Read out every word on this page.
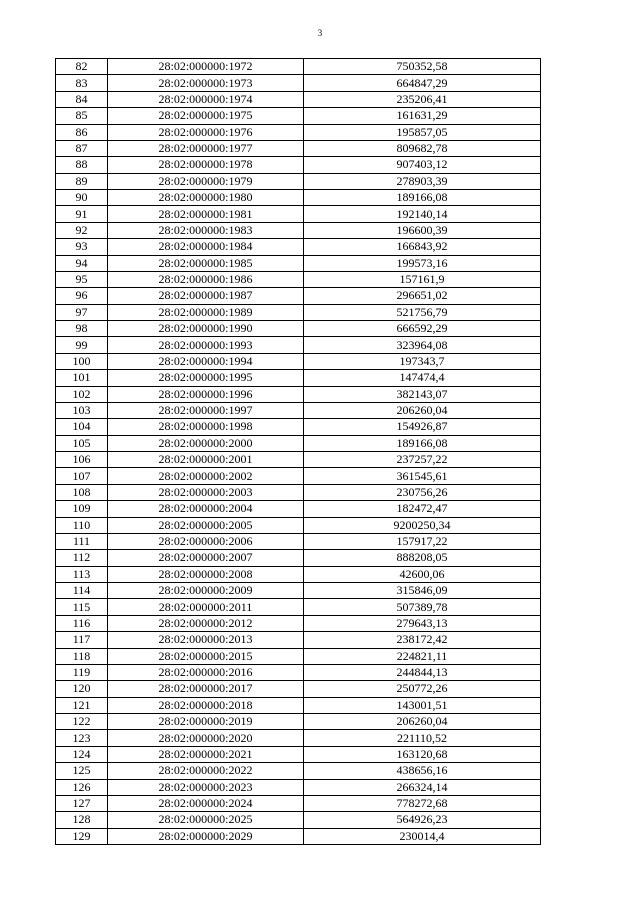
3
82	28:02:000000:1972	750352,58
83	28:02:000000:1973	664847,29
84	28:02:000000:1974	235206,41
85	28:02:000000:1975	161631,29
86	28:02:000000:1976	195857,05
87	28:02:000000:1977	809682,78
88	28:02:000000:1978	907403,12
89	28:02:000000:1979	278903,39
90	28:02:000000:1980	189166,08
91	28:02:000000:1981	192140,14
92	28:02:000000:1983	196600,39
93	28:02:000000:1984	166843,92
94	28:02:000000:1985	199573,16
95	28:02:000000:1986	157161,9
96	28:02:000000:1987	296651,02
97	28:02:000000:1989	521756,79
98	28:02:000000:1990	666592,29
99	28:02:000000:1993	323964,08
100	28:02:000000:1994	197343,7
101	28:02:000000:1995	147474,4
102	28:02:000000:1996	382143,07
103	28:02:000000:1997	206260,04
104	28:02:000000:1998	154926,87
105	28:02:000000:2000	189166,08
106	28:02:000000:2001	237257,22
107	28:02:000000:2002	361545,61
108	28:02:000000:2003	230756,26
109	28:02:000000:2004	182472,47
110	28:02:000000:2005	9200250,34
111	28:02:000000:2006	157917,22
112	28:02:000000:2007	888208,05
113	28:02:000000:2008	42600,06
114	28:02:000000:2009	315846,09
115	28:02:000000:2011	507389,78
116	28:02:000000:2012	279643,13
117	28:02:000000:2013	238172,42
118	28:02:000000:2015	224821,11
119	28:02:000000:2016	244844,13
120	28:02:000000:2017	250772,26
121	28:02:000000:2018	143001,51
122	28:02:000000:2019	206260,04
123	28:02:000000:2020	221110,52
124	28:02:000000:2021	163120,68
125	28:02:000000:2022	438656,16
126	28:02:000000:2023	266324,14
127	28:02:000000:2024	778272,68
128	28:02:000000:2025	564926,23
129	28:02:000000:2029	230014,4
